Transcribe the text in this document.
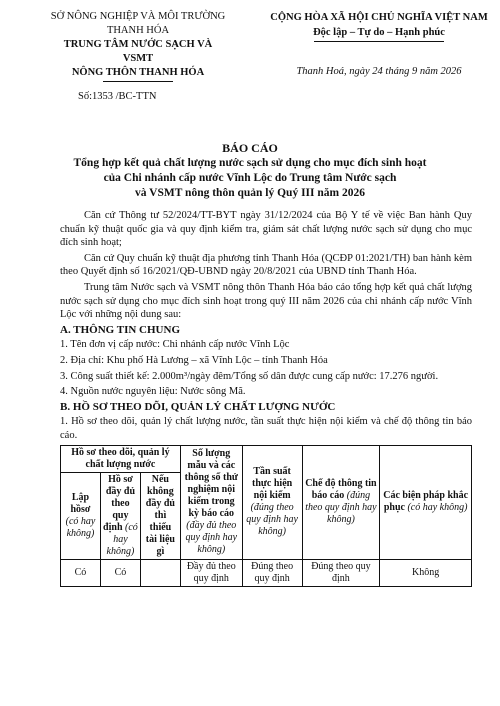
SỞ NÔNG NGHIỆP VÀ MÔI TRƯỜNG
THANH HÓA
TRUNG TÂM NƯỚC SẠCH VÀ VSMT
NÔNG THÔN THANH HÓA
Số:1353 /BC-TTN
CỘNG HÒA XÃ HỘI CHỦ NGHĨA VIỆT NAM
Độc lập – Tự do – Hạnh phúc
Thanh Hoá, ngày 24 tháng 9 năm 2026
BÁO CÁO
Tổng hợp kết quả chất lượng nước sạch sử dụng cho mục đích sinh hoạt
của Chi nhánh cấp nước Vĩnh Lộc do Trung tâm Nước sạch
và VSMT nông thôn quản lý Quý III năm 2026

Căn cứ Thông tư 52/2024/TT-BYT ngày 31/12/2024 của Bộ Y tế về việc Ban hành Quy chuẩn kỹ thuật quốc gia và quy định kiểm tra, giám sát chất lượng nước sạch sử dụng cho mục đích sinh hoạt;

Căn cứ Quy chuẩn kỹ thuật địa phương tỉnh Thanh Hóa (QCĐP 01:2021/TH) ban hành kèm theo Quyết định số 16/2021/QĐ-UBND ngày 20/8/2021 của UBND tỉnh Thanh Hóa.

Trung tâm Nước sạch và VSMT nông thôn Thanh Hóa báo cáo tổng hợp kết quả chất lượng nước sạch sử dụng cho mục đích sinh hoạt trong quý III năm 2026 của chi nhánh cấp nước Vĩnh Lộc với những nội dung sau:

A. THÔNG TIN CHUNG

1. Tên đơn vị cấp nước: Chi nhánh cấp nước Vĩnh Lộc

2. Địa chỉ: Khu phố Hà Lương – xã Vĩnh Lộc – tỉnh Thanh Hóa

3. Công suất thiết kế: 2.000m³/ngày đêm/Tổng số dân được cung cấp nước: 17.276 người.

4. Nguồn nước nguyên liệu: Nước sông Mã.

B. HỒ SƠ THEO DÕI, QUẢN LÝ CHẤT LƯỢNG NƯỚC

1. Hồ sơ theo dõi, quản lý chất lượng nước, tần suất thực hiện nội kiểm và chế độ thông tin báo cáo.

Hồ sơ theo dõi, quản lý chất lượng nước			Số lượng mẫu và các thông số thử nghiệm nội kiểm trong kỳ báo cáo (đầy đủ theo quy định hay không)	Tần suất thực hiện nội kiểm (đúng theo quy định hay không)	Chế độ thông tin báo cáo (đúng theo quy định hay không)	Các biện pháp khắc phục (có hay không)
Lập hồsơ (có hay không)	Hồ sơ đầy đủ theo quy định (có hay không)	Nếu không đầy đủ thì thiếu tài liệu gì				
Có	Có		Đầy đủ theo quy định	Đúng theo quy định	Đúng theo quy định	Không
